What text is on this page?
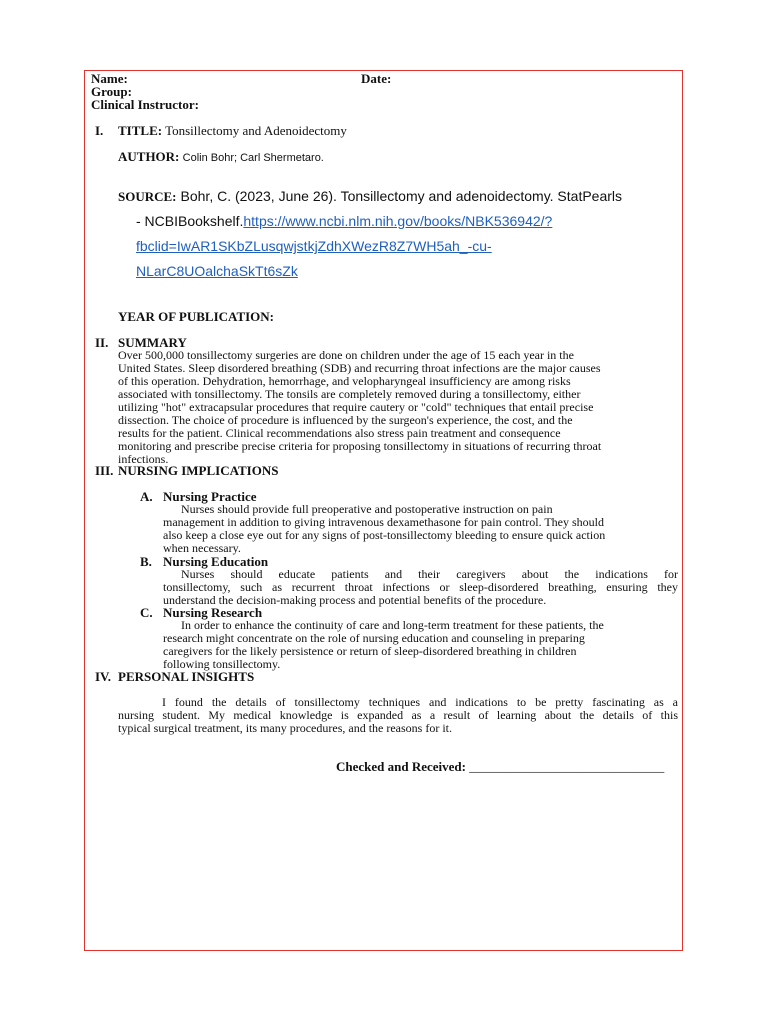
Name:	Date:
Group:
Clinical Instructor:
I. TITLE: Tonsillectomy and Adenoidectomy
AUTHOR: Colin Bohr; Carl Shermetaro.
SOURCE: Bohr, C. (2023, June 26). Tonsillectomy and adenoidectomy. StatPearls
- NCBIBookshelf.https://www.ncbi.nlm.nih.gov/books/NBK536942/?
fbclid=IwAR1SKbZLusqwjstkjZdhXWezR8Z7WH5ah_-cu-
NLarC8UOalchaSkTt6sZk
YEAR OF PUBLICATION:
II. SUMMARY
Over 500,000 tonsillectomy surgeries are done on children under the age of 15 each year in the
United States. Sleep disordered breathing (SDB) and recurring throat infections are the major causes
of this operation. Dehydration, hemorrhage, and velopharyngeal insufficiency are among risks
associated with tonsillectomy. The tonsils are completely removed during a tonsillectomy, either
utilizing "hot" extracapsular procedures that require cautery or "cold" techniques that entail precise
dissection. The choice of procedure is influenced by the surgeon's experience, the cost, and the
results for the patient. Clinical recommendations also stress pain treatment and consequence
monitoring and prescribe precise criteria for proposing tonsillectomy in situations of recurring throat
infections.
III. NURSING IMPLICATIONS
A. Nursing Practice
Nurses should provide full preoperative and postoperative instruction on pain
management in addition to giving intravenous dexamethasone for pain control. They should
also keep a close eye out for any signs of post-tonsillectomy bleeding to ensure quick action
when necessary.
B. Nursing Education
Nurses should educate patients and their caregivers about the indications for
tonsillectomy, such as recurrent throat infections or sleep-disordered breathing, ensuring they
understand the decision-making process and potential benefits of the procedure.
C. Nursing Research
In order to enhance the continuity of care and long-term treatment for these patients, the
research might concentrate on the role of nursing education and counseling in preparing
caregivers for the likely persistence or return of sleep-disordered breathing in children
following tonsillectomy.
IV. PERSONAL INSIGHTS
I found the details of tonsillectomy techniques and indications to be pretty fascinating as a
nursing student. My medical knowledge is expanded as a result of learning about the details of this
typical surgical treatment, its many procedures, and the reasons for it.
Checked and Received: ______________________________
